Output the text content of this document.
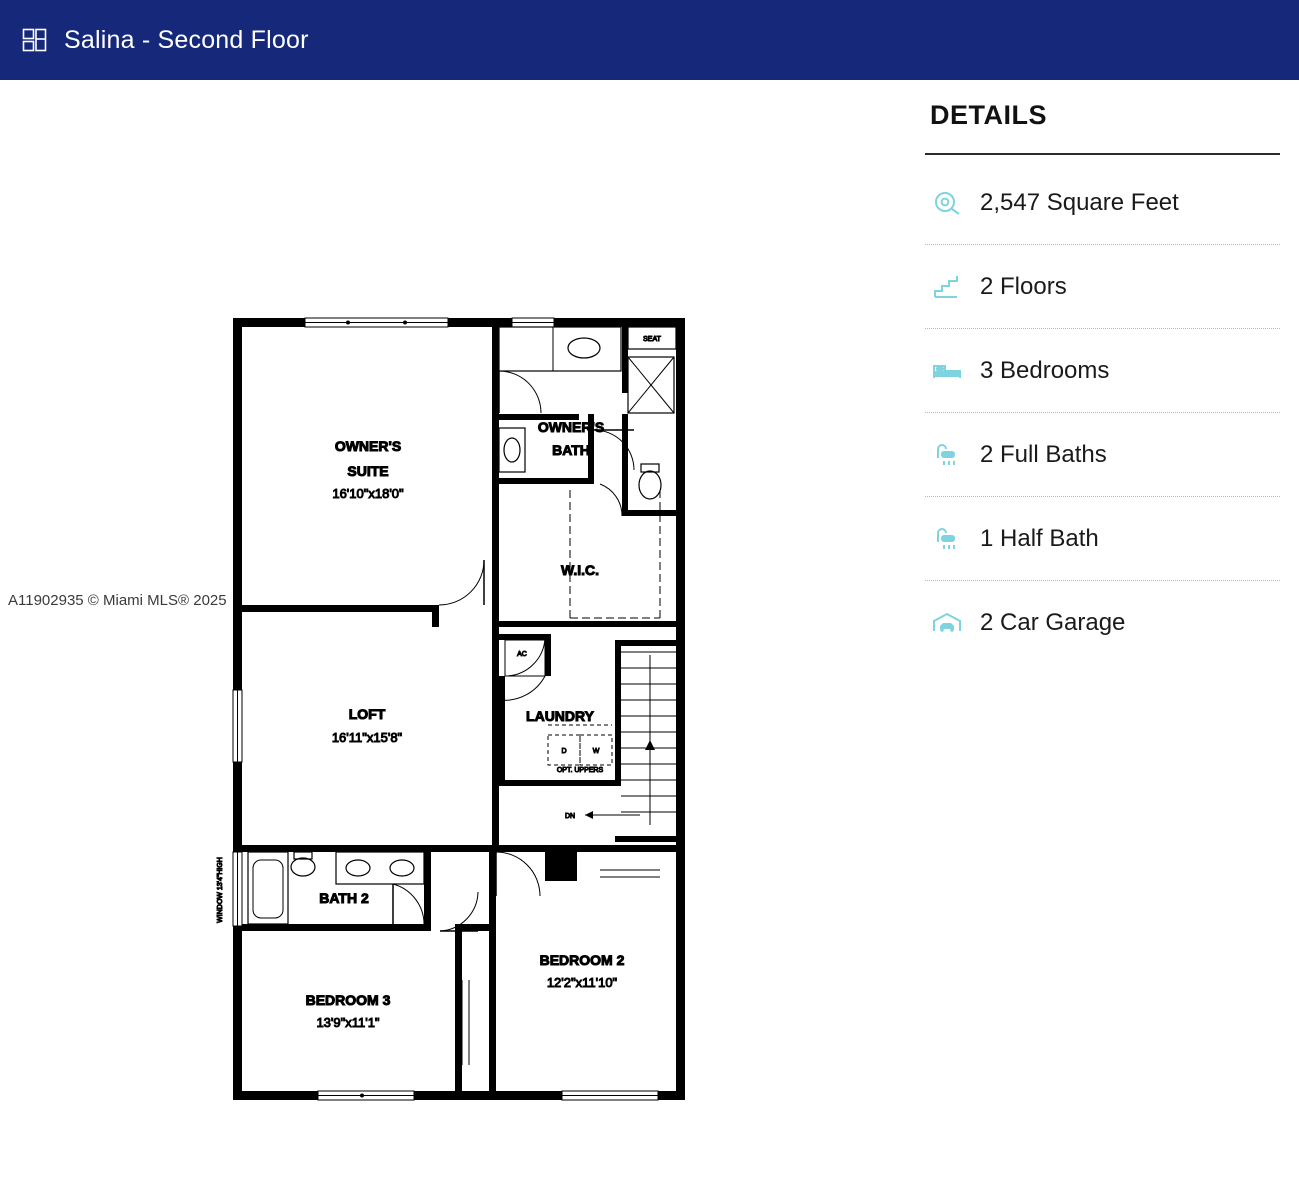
Salina - Second Floor
SEAT
AC
D	W
OPT. UPPERS
DN
WINDOW 13'4"HIGH
OWNER'S
SUITE
16'10"x18'0"
OWNER'S
BATH
W.I.C.
LOFT
16'11"x15'8"
LAUNDRY
BATH 2
BEDROOM 2
12'2"x11'10"
BEDROOM 3
13'9"x11'1"
A11902935 © Miami MLS® 2025
DETAILS
2,547 Square Feet
2 Floors
3 Bedrooms
2 Full Baths
1 Half Bath
2 Car Garage
